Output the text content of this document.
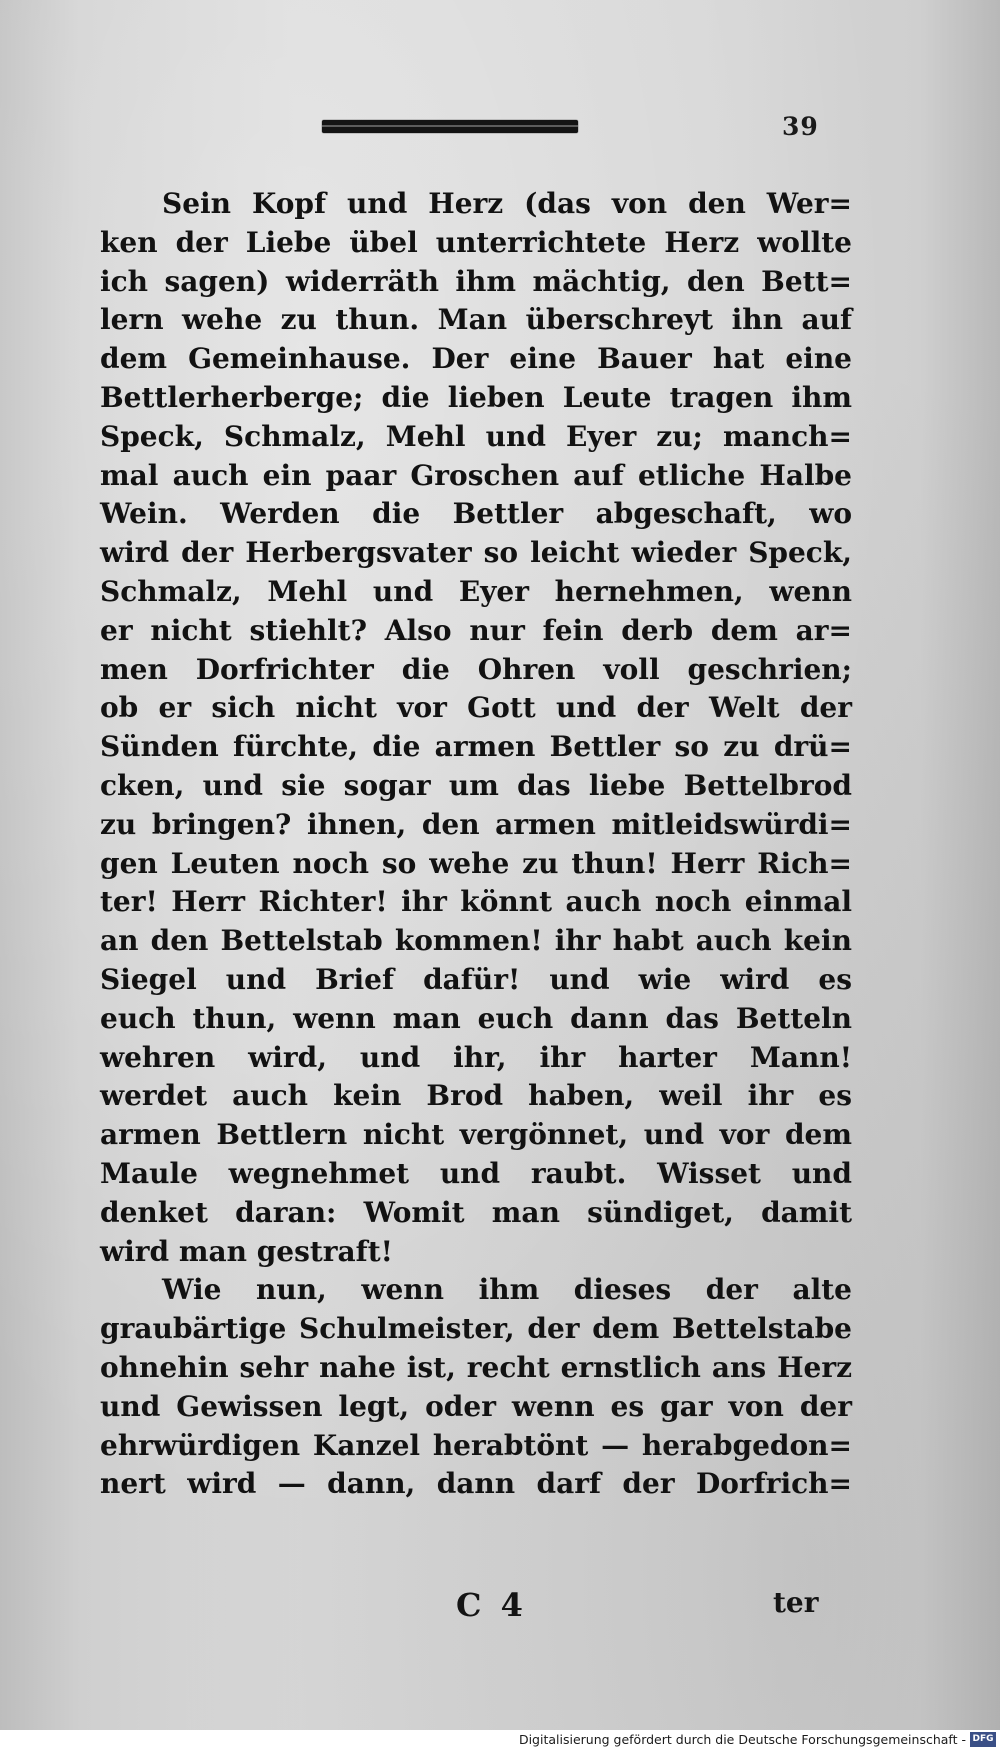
39
Sein Kopf und Herz (das von den Wer=
ken der Liebe übel unterrichtete Herz wollte
ich sagen) widerräth ihm mächtig, den Bett=
lern wehe zu thun. Man überschreyt ihn auf
dem Gemeinhause. Der eine Bauer hat eine
Bettlerherberge; die lieben Leute tragen ihm
Speck, Schmalz, Mehl und Eyer zu; manch=
mal auch ein paar Groschen auf etliche Halbe
Wein. Werden die Bettler abgeschaft, wo
wird der Herbergsvater so leicht wieder Speck,
Schmalz, Mehl und Eyer hernehmen, wenn
er nicht stiehlt? Also nur fein derb dem ar=
men Dorfrichter die Ohren voll geschrien;
ob er sich nicht vor Gott und der Welt der
Sünden fürchte, die armen Bettler so zu drü=
cken, und sie sogar um das liebe Bettelbrod
zu bringen? ihnen, den armen mitleidswürdi=
gen Leuten noch so wehe zu thun! Herr Rich=
ter! Herr Richter! ihr könnt auch noch einmal
an den Bettelstab kommen! ihr habt auch kein
Siegel und Brief dafür! und wie wird es
euch thun, wenn man euch dann das Betteln
wehren wird, und ihr, ihr harter Mann!
werdet auch kein Brod haben, weil ihr es
armen Bettlern nicht vergönnet, und vor dem
Maule wegnehmet und raubt. Wisset und
denket daran: Womit man sündiget, damit
wird man gestraft!
Wie nun, wenn ihm dieses der alte
graubärtige Schulmeister, der dem Bettelstabe
ohnehin sehr nahe ist, recht ernstlich ans Herz
und Gewissen legt, oder wenn es gar von der
ehrwürdigen Kanzel herabtönt — herabgedon=
nert wird — dann, dann darf der Dorfrich=
C 4	ter
Digitalisierung gefördert durch die Deutsche Forschungsgemeinschaft - DFG
